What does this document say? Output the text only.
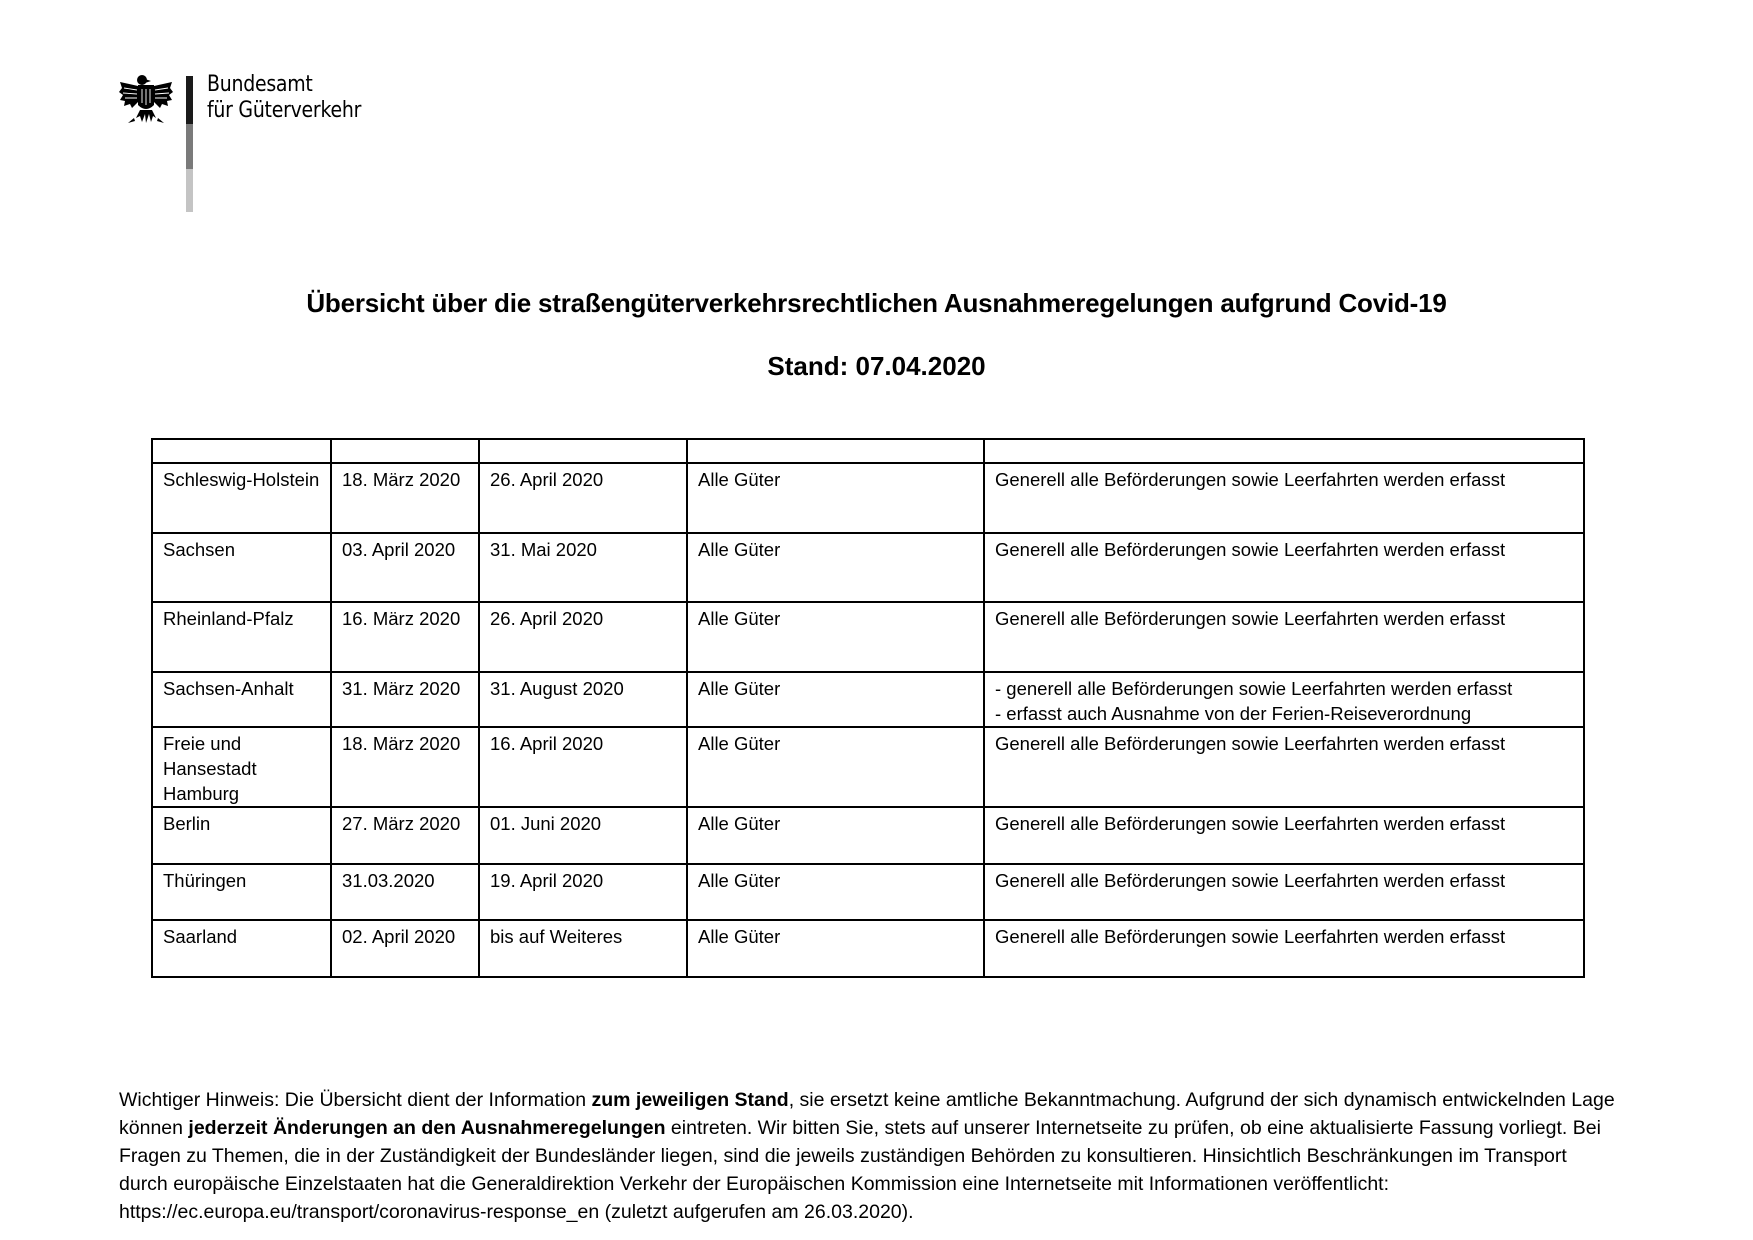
Bundesamt
für Güterverkehr
Übersicht über die straßengüterverkehrsrechtlichen Ausnahmeregelungen aufgrund Covid-19
Stand: 07.04.2020

Schleswig-Holstein	18. März 2020	26. April 2020	Alle Güter	Generell alle Beförderungen sowie Leerfahrten werden erfasst

Sachsen	03. April 2020	31. Mai 2020	Alle Güter	Generell alle Beförderungen sowie Leerfahrten werden erfasst

Rheinland-Pfalz	16. März 2020	26. April 2020	Alle Güter	Generell alle Beförderungen sowie Leerfahrten werden erfasst

Sachsen-Anhalt	31. März 2020	31. August 2020	Alle Güter	- generell alle Beförderungen sowie Leerfahrten werden erfasst
- erfasst auch Ausnahme von der Ferien-Reiseverordnung

Freie und Hansestadt Hamburg	18. März 2020	16. April 2020	Alle Güter	Generell alle Beförderungen sowie Leerfahrten werden erfasst

Berlin	27. März 2020	01. Juni 2020	Alle Güter	Generell alle Beförderungen sowie Leerfahrten werden erfasst

Thüringen	31.03.2020	19. April 2020	Alle Güter	Generell alle Beförderungen sowie Leerfahrten werden erfasst

Saarland	02. April 2020	bis auf Weiteres	Alle Güter	Generell alle Beförderungen sowie Leerfahrten werden erfasst
Wichtiger Hinweis: Die Übersicht dient der Information zum jeweiligen Stand, sie ersetzt keine amtliche Bekanntmachung. Aufgrund der sich dynamisch entwickelnden Lage können jederzeit Änderungen an den Ausnahmeregelungen eintreten. Wir bitten Sie, stets auf unserer Internetseite zu prüfen, ob eine aktualisierte Fassung vorliegt. Bei Fragen zu Themen, die in der Zuständigkeit der Bundesländer liegen, sind die jeweils zuständigen Behörden zu konsultieren. Hinsichtlich Beschränkungen im Transport durch europäische Einzelstaaten hat die Generaldirektion Verkehr der Europäischen Kommission eine Internetseite mit Informationen veröffentlicht: https://ec.europa.eu/transport/coronavirus-response_en (zuletzt aufgerufen am 26.03.2020).
